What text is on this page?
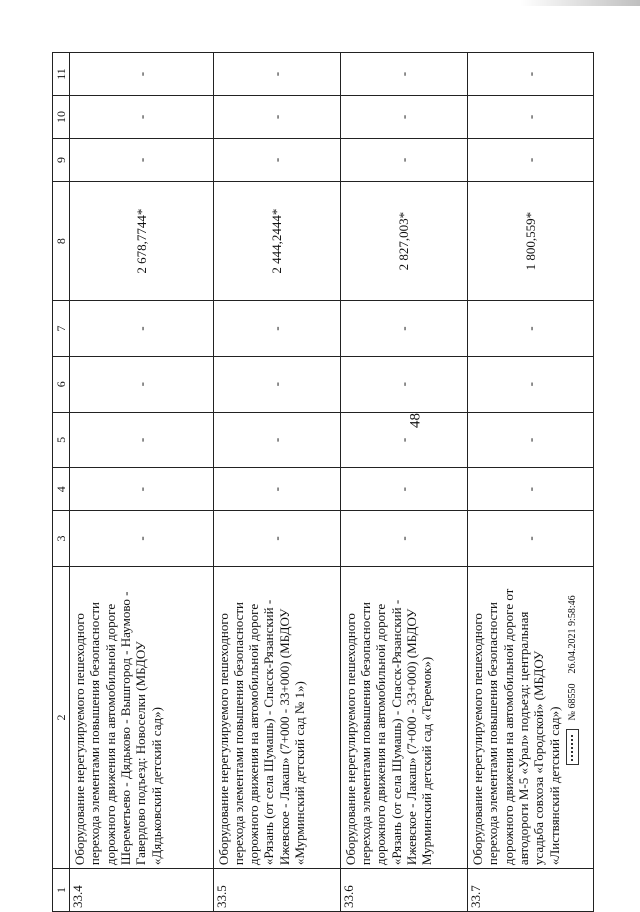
48
1	2	3	4	5	6	7	8	9	10	11
33.4	Оборудование нерегулируемого пешеходного перехода элементами повышения безопасности дорожного движения на автомобильной дороге Шереметьево - Дядьково - Вышгород - Наумово - Гавердово подъезд: Новоселки (МБДОУ «Дядьковский детский сад»)	-	-	-	-	-	2 678,7744*	-	-	-
33.5	Оборудование нерегулируемого пешеходного перехода элементами повышения безопасности дорожного движения на автомобильной дороге «Рязань (от села Шумашь) - Спасск-Рязанский - Ижевское - Лакаш» (7+000 - 33+000) (МБДОУ «Мурминский детский сад № 1»)	-	-	-	-	-	2 444,2444*	-	-	-
33.6	Оборудование нерегулируемого пешеходного перехода элементами повышения безопасности дорожного движения на автомобильной дороге «Рязань (от села Шумашь) - Спасск-Рязанский - Ижевское - Лакаш» (7+000 - 33+000) (МБДОУ Мурминский детский сад «Теремок»)	-	-	-	-	-	2 827,003*	-	-	-
33.7	Оборудование нерегулируемого пешеходного перехода элементами повышения безопасности дорожного движения на автомобильной дороге от автодороги М-5 «Урал» подъезд: центральная усадьба совхоза «Городской» (МБДОУ «Листвянский детский сад»)	-	-	-	-	-	1 800,559*	-	-	-
№ 68550    26.04.2021 9:58:46
